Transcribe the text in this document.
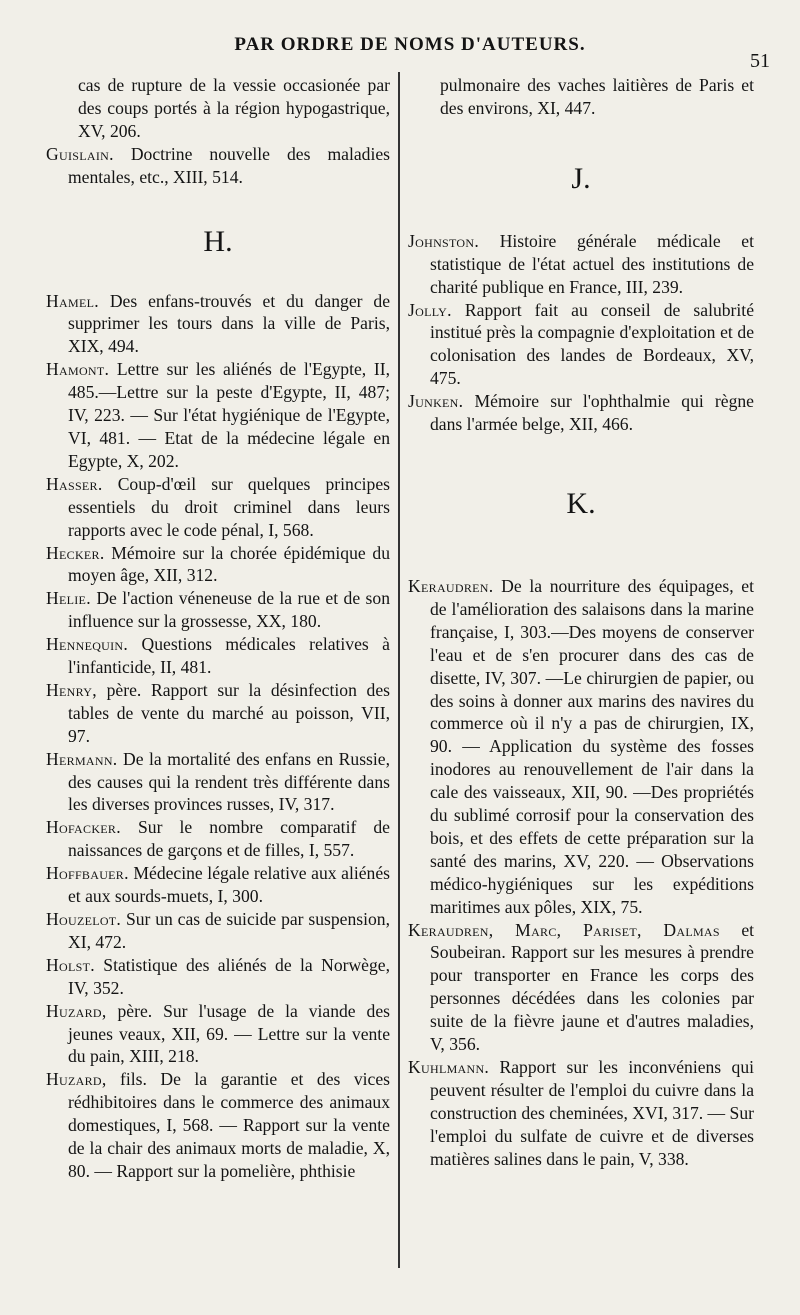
PAR ORDRE DE NOMS D'AUTEURS.
51

cas de rupture de la vessie occasionée par des coups portés à la région hypogastrique, XV, 206.

Guislain. Doctrine nouvelle des maladies mentales, etc., XIII, 514.

H.

Hamel. Des enfans-trouvés et du danger de supprimer les tours dans la ville de Paris, XIX, 494.

Hamont. Lettre sur les aliénés de l'Egypte, II, 485.—Lettre sur la peste d'Egypte, II, 487; IV, 223. — Sur l'état hygiénique de l'Egypte, VI, 481. — Etat de la médecine légale en Egypte, X, 202.

Hasser. Coup-d'œil sur quelques principes essentiels du droit criminel dans leurs rapports avec le code pénal, I, 568.

Hecker. Mémoire sur la chorée épidémique du moyen âge, XII, 312.

Helie. De l'action véneneuse de la rue et de son influence sur la grossesse, XX, 180.

Hennequin. Questions médicales relatives à l'infanticide, II, 481.

Henry, père. Rapport sur la désinfection des tables de vente du marché au poisson, VII, 97.

Hermann. De la mortalité des enfans en Russie, des causes qui la rendent très différente dans les diverses provinces russes, IV, 317.

Hofacker. Sur le nombre comparatif de naissances de garçons et de filles, I, 557.

Hoffbauer. Médecine légale relative aux aliénés et aux sourds-muets, I, 300.

Houzelot. Sur un cas de suicide par suspension, XI, 472.

Holst. Statistique des aliénés de la Norwège, IV, 352.

Huzard, père. Sur l'usage de la viande des jeunes veaux, XII, 69. — Lettre sur la vente du pain, XIII, 218.

Huzard, fils. De la garantie et des vices rédhibitoires dans le commerce des animaux domestiques, I, 568. — Rapport sur la vente de la chair des animaux morts de maladie, X, 80. — Rapport sur la pomelière, phthisie

pulmonaire des vaches laitières de Paris et des environs, XI, 447.

J.

Johnston. Histoire générale médicale et statistique de l'état actuel des institutions de charité publique en France, III, 239.

Jolly. Rapport fait au conseil de salubrité institué près la compagnie d'exploitation et de colonisation des landes de Bordeaux, XV, 475.

Junken. Mémoire sur l'ophthalmie qui règne dans l'armée belge, XII, 466.

K.

Keraudren. De la nourriture des équipages, et de l'amélioration des salaisons dans la marine française, I, 303.—Des moyens de conserver l'eau et de s'en procurer dans des cas de disette, IV, 307. —Le chirurgien de papier, ou des soins à donner aux marins des navires du commerce où il n'y a pas de chirurgien, IX, 90. — Application du système des fosses inodores au renouvellement de l'air dans la cale des vaisseaux, XII, 90. —Des propriétés du sublimé corrosif pour la conservation des bois, et des effets de cette préparation sur la santé des marins, XV, 220. — Observations médico-hygiéniques sur les expéditions maritimes aux pôles, XIX, 75.

Keraudren, Marc, Pariset, Dalmas et Soubeiran. Rapport sur les mesures à prendre pour transporter en France les corps des personnes décédées dans les colonies par suite de la fièvre jaune et d'autres maladies, V, 356.

Kuhlmann. Rapport sur les inconvéniens qui peuvent résulter de l'emploi du cuivre dans la construction des cheminées, XVI, 317. — Sur l'emploi du sulfate de cuivre et de diverses matières salines dans le pain, V, 338.
